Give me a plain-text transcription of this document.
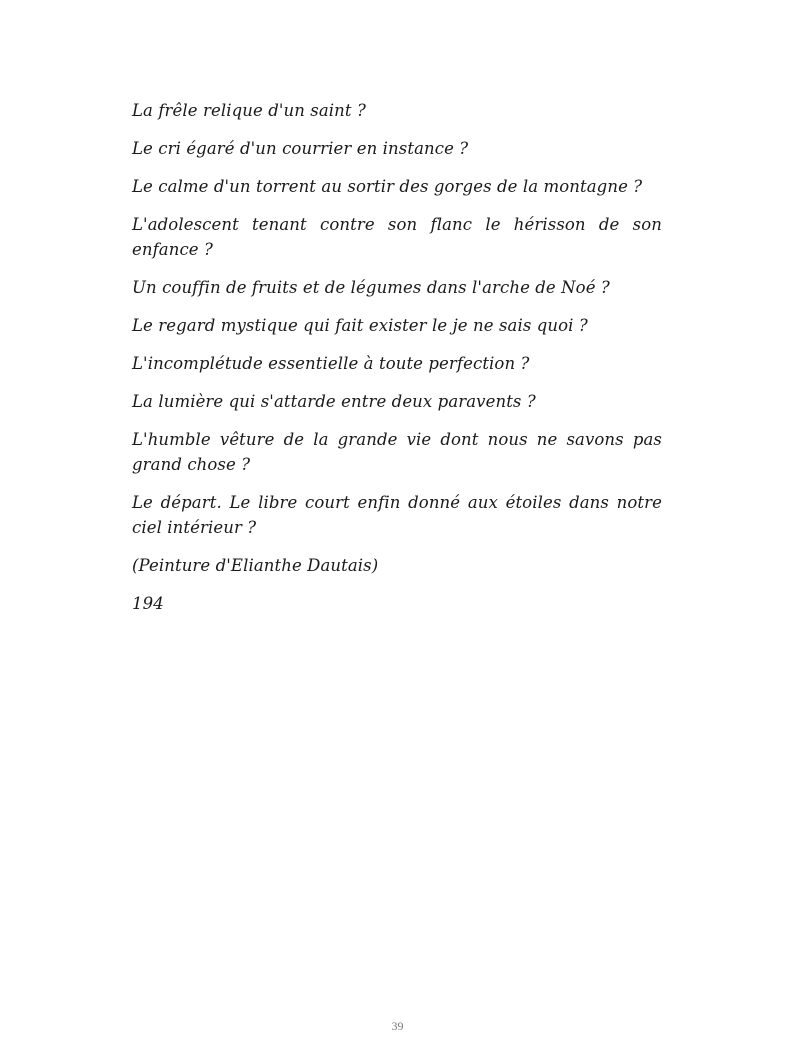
La frêle relique d'un saint ?

Le cri égaré d'un courrier en instance ?

Le calme d'un torrent au sortir des gorges de la montagne ?

L'adolescent tenant contre son flanc le hérisson de son enfance ?

Un couffin de fruits et de légumes dans l'arche de Noé ?

Le regard mystique qui fait exister le je ne sais quoi ?

L'incomplétude essentielle à toute perfection ?

La lumière qui s'attarde entre deux paravents ?

L'humble vêture de la grande vie dont nous ne savons pas grand chose ?

Le départ. Le libre court enfin donné aux étoiles dans notre ciel intérieur ?

(Peinture d'Elianthe Dautais)

194

39
